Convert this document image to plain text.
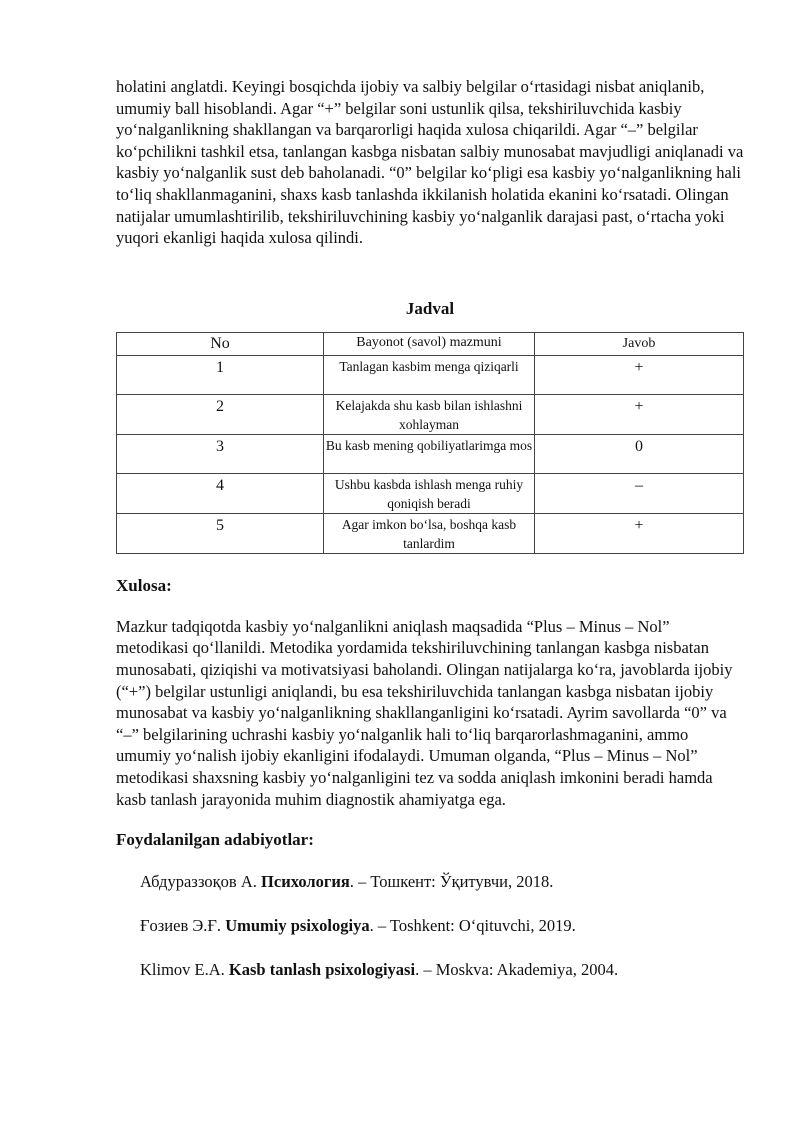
holatini anglatdi. Keyingi bosqichda ijobiy va salbiy belgilar o‘rtasidagi nisbat aniqlanib, umumiy ball hisoblandi. Agar “+” belgilar soni ustunlik qilsa, tekshiriluvchida kasbiy yo‘nalganlikning shakllangan va barqarorligi haqida xulosa chiqarildi. Agar “–” belgilar ko‘pchilikni tashkil etsa, tanlangan kasbga nisbatan salbiy munosabat mavjudligi aniqlanadi va kasbiy yo‘nalganlik sust deb baholanadi. “0” belgilar ko‘pligi esa kasbiy yo‘nalganlikning hali to‘liq shakllanmaganini, shaxs kasb tanlashda ikkilanish holatida ekanini ko‘rsatadi. Olingan natijalar umumlashtirilib, tekshiriluvchining kasbiy yo‘nalganlik darajasi past, o‘rtacha yoki yuqori ekanligi haqida xulosa qilindi.

Jadval
No	Bayonot (savol) mazmuni	Javob
1	Tanlagan kasbim menga qiziqarli	+
2	Kelajakda shu kasb bilan ishlashni xohlayman	+
3	Bu kasb mening qobiliyatlarimga mos	0
4	Ushbu kasbda ishlash menga ruhiy qoniqish beradi	–
5	Agar imkon bo‘lsa, boshqa kasb tanlardim	+
Xulosa:

Mazkur tadqiqotda kasbiy yo‘nalganlikni aniqlash maqsadida “Plus – Minus – Nol” metodikasi qo‘llanildi. Metodika yordamida tekshiriluvchining tanlangan kasbga nisbatan munosabati, qiziqishi va motivatsiyasi baholandi. Olingan natijalarga ko‘ra, javoblarda ijobiy (“+”) belgilar ustunligi aniqlandi, bu esa tekshiriluvchida tanlangan kasbga nisbatan ijobiy munosabat va kasbiy yo‘nalganlikning shakllanganligini ko‘rsatadi. Ayrim savollarda “0” va “–” belgilarining uchrashi kasbiy yo‘nalganlik hali to‘liq barqarorlashmaganini, ammo umumiy yo‘nalish ijobiy ekanligini ifodalaydi. Umuman olganda, “Plus – Minus – Nol” metodikasi shaxsning kasbiy yo‘nalganligini tez va sodda aniqlash imkonini beradi hamda kasb tanlash jarayonida muhim diagnostik ahamiyatga ega.

Foydalanilgan adabiyotlar:

Абдураззоқов А. Психология. – Тошкент: Ўқитувчи, 2018.

Ғозиев Э.Ғ. Umumiy psixologiya. – Toshkent: O‘qituvchi, 2019.

Klimov E.A. Kasb tanlash psixologiyasi. – Moskva: Akademiya, 2004.
